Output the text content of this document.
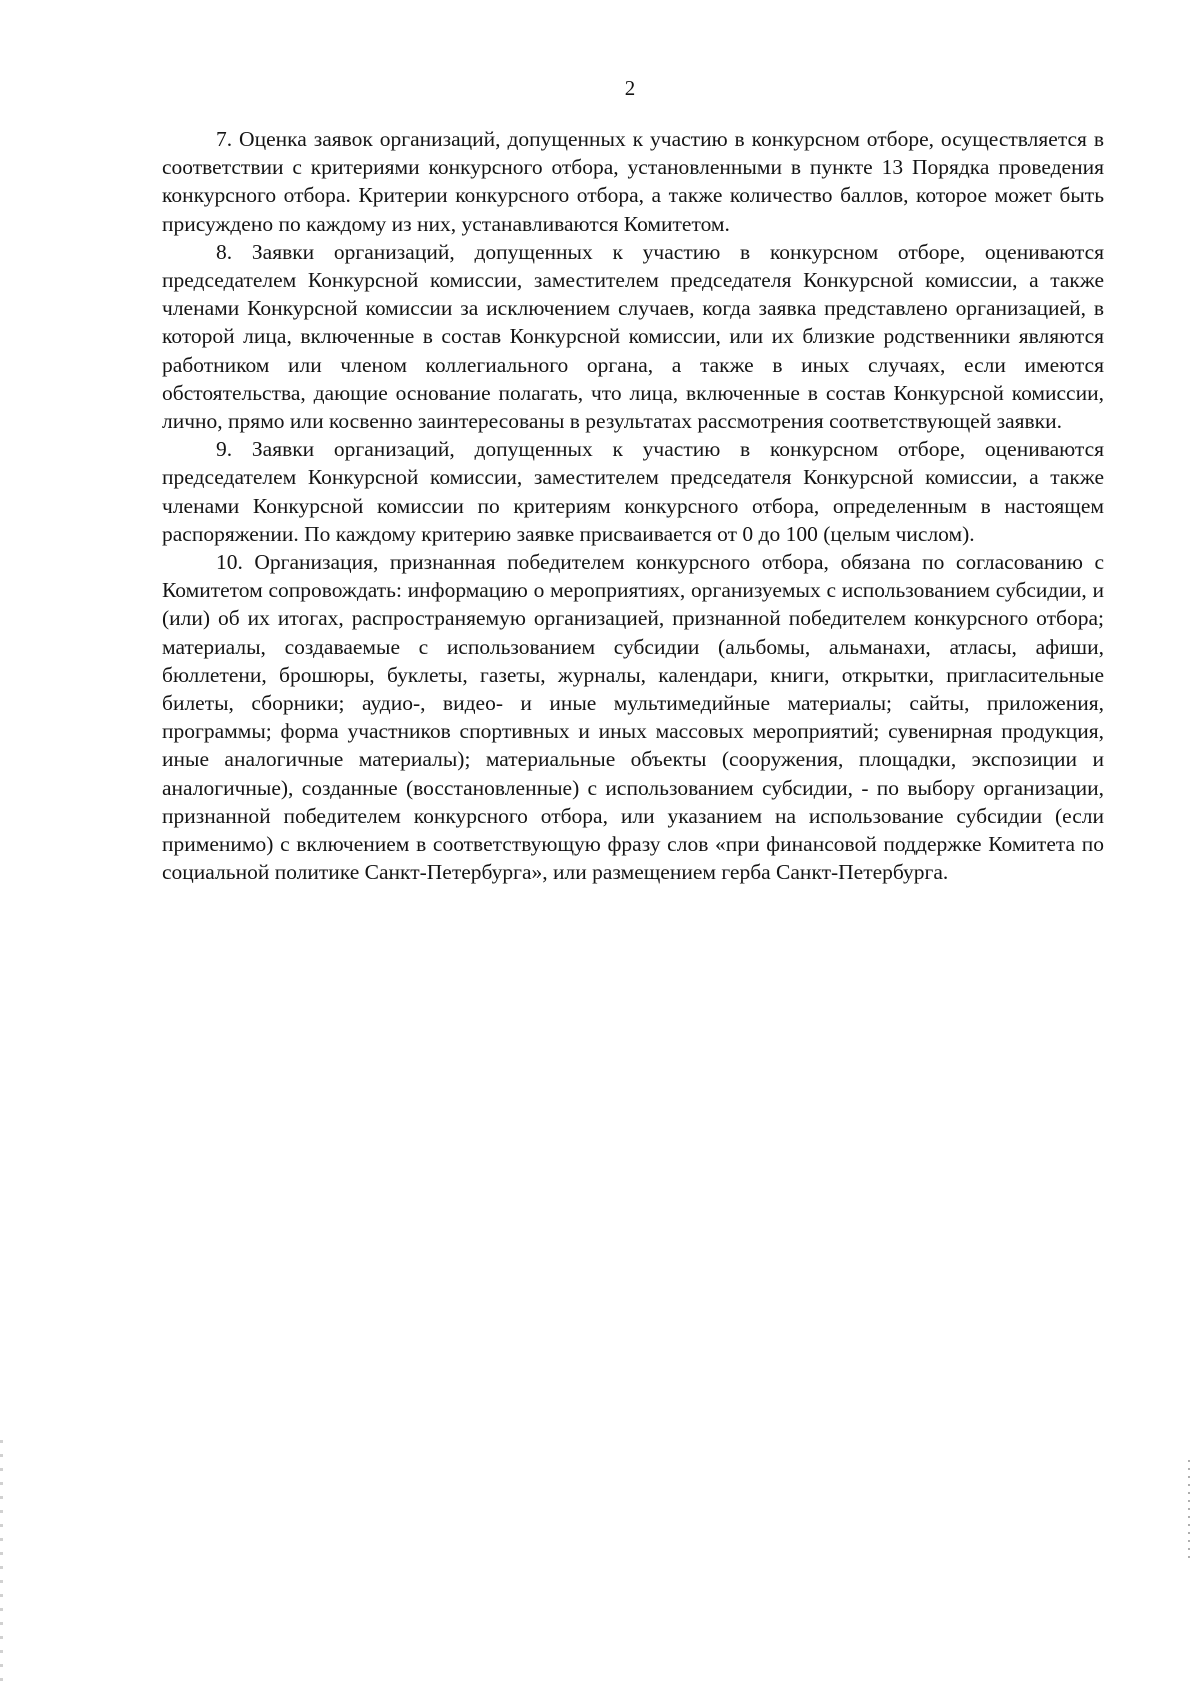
2

7. Оценка заявок организаций, допущенных к участию в конкурсном отборе, осуществляется в соответствии с критериями конкурсного отбора, установленными в пункте 13 Порядка проведения конкурсного отбора. Критерии конкурсного отбора, а также количество баллов, которое может быть присуждено по каждому из них, устанавливаются Комитетом.

8. Заявки организаций, допущенных к участию в конкурсном отборе, оцениваются председателем Конкурсной комиссии, заместителем председателя Конкурсной комиссии, а также членами Конкурсной комиссии за исключением случаев, когда заявка представлено организацией, в которой лица, включенные в состав Конкурсной комиссии, или их близкие родственники являются работником или членом коллегиального органа, а также в иных случаях, если имеются обстоятельства, дающие основание полагать, что лица, включенные в состав Конкурсной комиссии, лично, прямо или косвенно заинтересованы в результатах рассмотрения соответствующей заявки.

9. Заявки организаций, допущенных к участию в конкурсном отборе, оцениваются председателем Конкурсной комиссии, заместителем председателя Конкурсной комиссии, а также членами Конкурсной комиссии по критериям конкурсного отбора, определенным в настоящем распоряжении. По каждому критерию заявке присваивается от 0 до 100 (целым числом).

10. Организация, признанная победителем конкурсного отбора, обязана по согласованию с Комитетом сопровождать: информацию о мероприятиях, организуемых с использованием субсидии, и (или) об их итогах, распространяемую организацией, признанной победителем конкурсного отбора; материалы, создаваемые с использованием субсидии (альбомы, альманахи, атласы, афиши, бюллетени, брошюры, буклеты, газеты, журналы, календари, книги, открытки, пригласительные билеты, сборники; аудио-, видео- и иные мультимедийные материалы; сайты, приложения, программы; форма участников спортивных и иных массовых мероприятий; сувенирная продукция, иные аналогичные материалы); материальные объекты (сооружения, площадки, экспозиции и аналогичные), созданные (восстановленные) с использованием субсидии, - по выбору организации, признанной победителем конкурсного отбора, или указанием на использование субсидии (если применимо) с включением в соответствующую фразу слов «при финансовой поддержке Комитета по социальной политике Санкт-Петербурга», или размещением герба Санкт-Петербурга.
